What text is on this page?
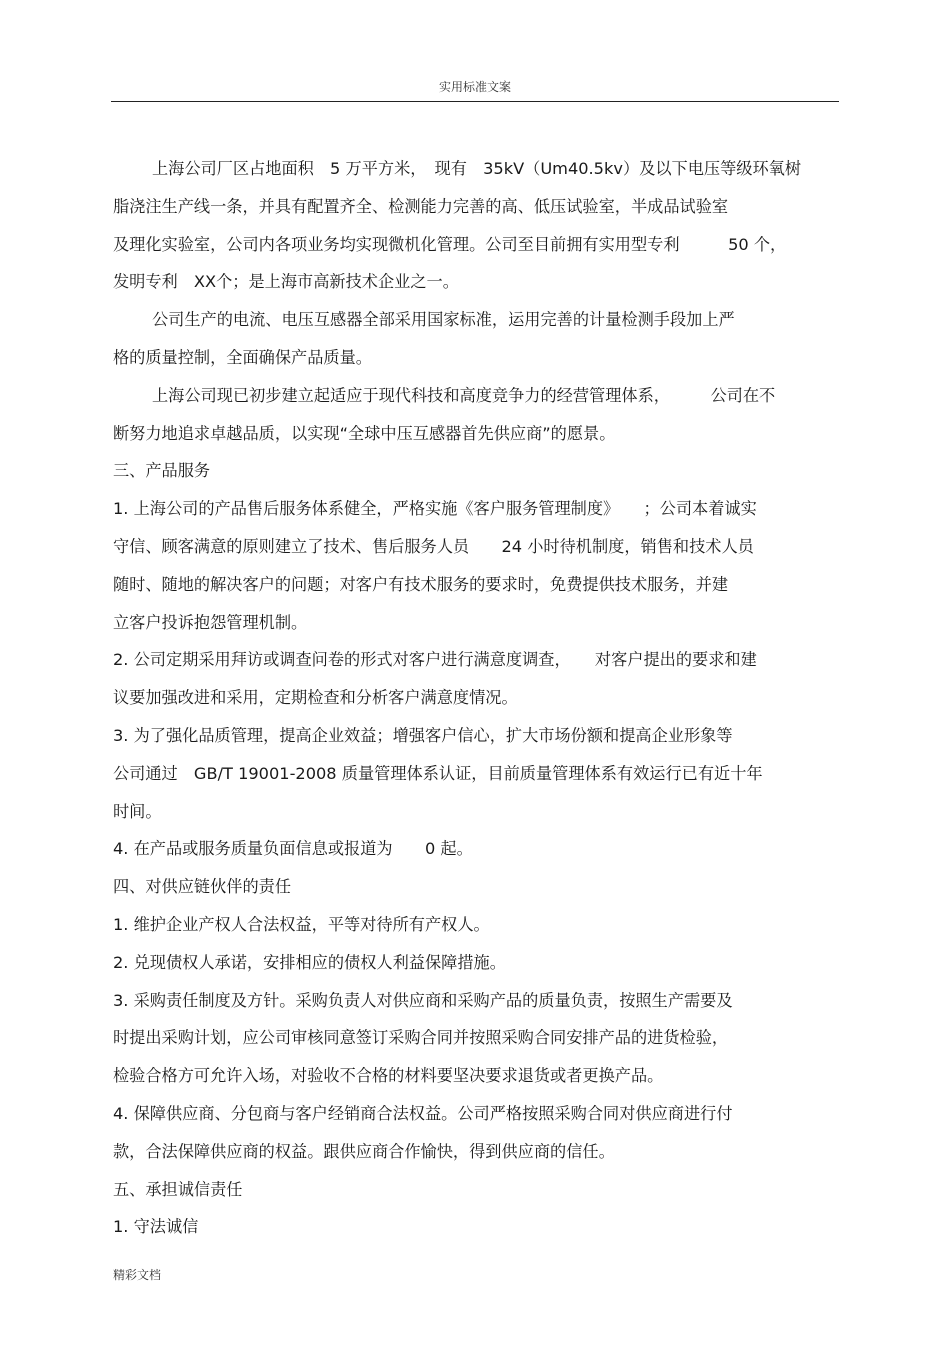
实用标准文案
上海公司厂区占地面积　5 万平方米，　现有　35kV（Um40.5kv）及以下电压等级环氧树
脂浇注生产线一条，并具有配置齐全、检测能力完善的高、低压试验室，半成品试验室
及理化实验室，公司内各项业务均实现微机化管理。公司至目前拥有实用型专利　　　50 个，
发明专利　XX个；是上海市高新技术企业之一。
公司生产的电流、电压互感器全部采用国家标准，运用完善的计量检测手段加上严
格的质量控制，全面确保产品质量。
上海公司现已初步建立起适应于现代科技和高度竞争力的经营管理体系，　　　公司在不
断努力地追求卓越品质，以实现“全球中压互感器首先供应商”的愿景。
三、产品服务
1. 上海公司的产品售后服务体系健全，严格实施《客户服务管理制度》　　；公司本着诚实
守信、顾客满意的原则建立了技术、售后服务人员　　24 小时待机制度，销售和技术人员
随时、随地的解决客户的问题；对客户有技术服务的要求时，免费提供技术服务，并建
立客户投诉抱怨管理机制。
2. 公司定期采用拜访或调查问卷的形式对客户进行满意度调查，　　对客户提出的要求和建
议要加强改进和采用，定期检查和分析客户满意度情况。
3. 为了强化品质管理，提高企业效益；增强客户信心，扩大市场份额和提高企业形象等
公司通过　GB/T 19001-2008 质量管理体系认证，目前质量管理体系有效运行已有近十年
时间。
4. 在产品或服务质量负面信息或报道为　　0 起。
四、对供应链伙伴的责任
1. 维护企业产权人合法权益，平等对待所有产权人。
2. 兑现债权人承诺，安排相应的债权人利益保障措施。
3. 采购责任制度及方针。采购负责人对供应商和采购产品的质量负责，按照生产需要及
时提出采购计划，应公司审核同意签订采购合同并按照采购合同安排产品的进货检验，
检验合格方可允许入场，对验收不合格的材料要坚决要求退货或者更换产品。
4. 保障供应商、分包商与客户经销商合法权益。公司严格按照采购合同对供应商进行付
款，合法保障供应商的权益。跟供应商合作愉快，得到供应商的信任。
五、承担诚信责任
1. 守法诚信
精彩文档
